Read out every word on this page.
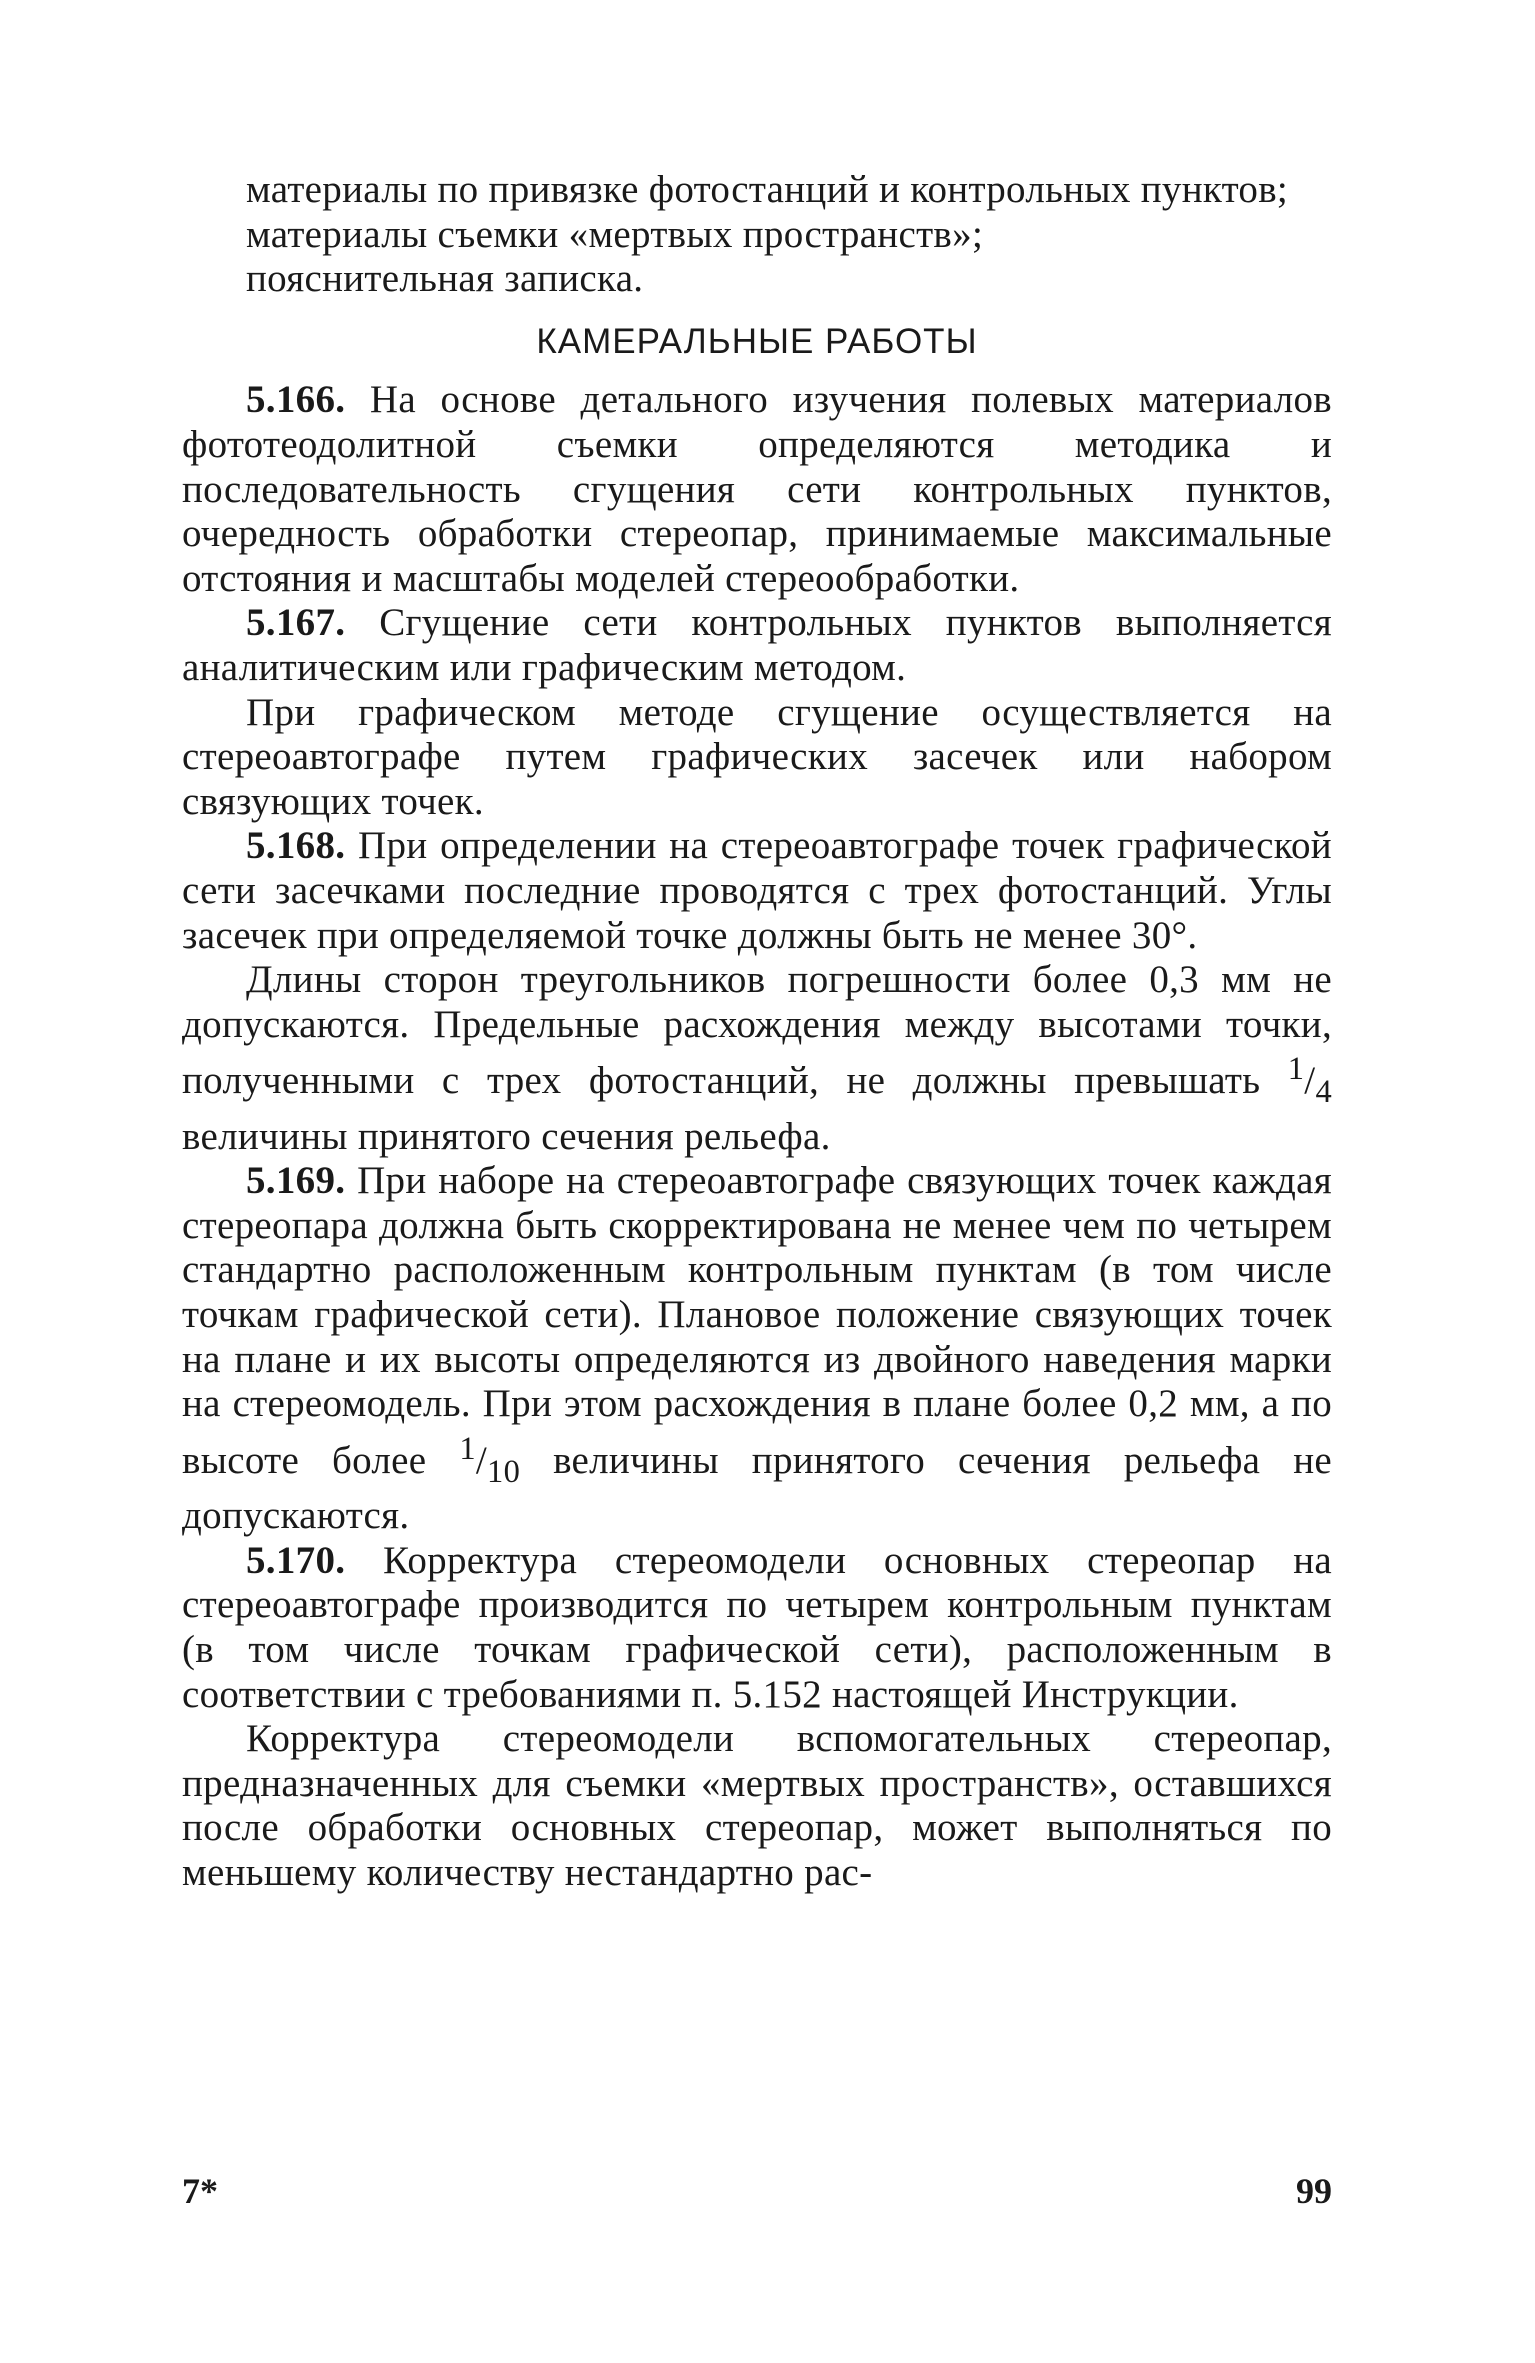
материалы по привязке фотостанций и контрольных пунктов;

материалы съемки «мертвых пространств»;

пояснительная записка.

КАМЕРАЛЬНЫЕ РАБОТЫ

5.166. На основе детального изучения полевых материалов фототеодолитной съемки определяются методика и последовательность сгущения сети контрольных пунктов, очередность обработки стереопар, принимаемые максимальные отстояния и масштабы моделей стереообработки.

5.167. Сгущение сети контрольных пунктов выполняется аналитическим или графическим методом.

При графическом методе сгущение осуществляется на стереоавтографе путем графических засечек или набором связующих точек.

5.168. При определении на стереоавтографе точек графической сети засечками последние проводятся с трех фотостанций. Углы засечек при определяемой точке должны быть не менее 30°.

Длины сторон треугольников погрешности более 0,3 мм не допускаются. Предельные расхождения между высотами точки, полученными с трех фотостанций, не должны превышать $^1/_4$ величины принятого сечения рельефа.

5.169. При наборе на стереоавтографе связующих точек каждая стереопара должна быть скорректирована не менее чем по четырем стандартно расположенным контрольным пунктам (в том числе точкам графической сети). Плановое положение связующих точек на плане и их высоты определяются из двойного наведения марки на стереомодель. При этом расхождения в плане более 0,2 мм, а по высоте более $^1/_{10}$ величины принятого сечения рельефа не допускаются.

5.170. Корректура стереомодели основных стереопар на стереоавтографе производится по четырем контрольным пунктам (в том числе точкам графической сети), расположенным в соответствии с требованиями п. 5.152 настоящей Инструкции.

Корректура стереомодели вспомогательных стереопар, предназначенных для съемки «мертвых пространств», оставшихся после обработки основных стереопар, может выполняться по меньшему количеству нестандартно рас-

7*	99
